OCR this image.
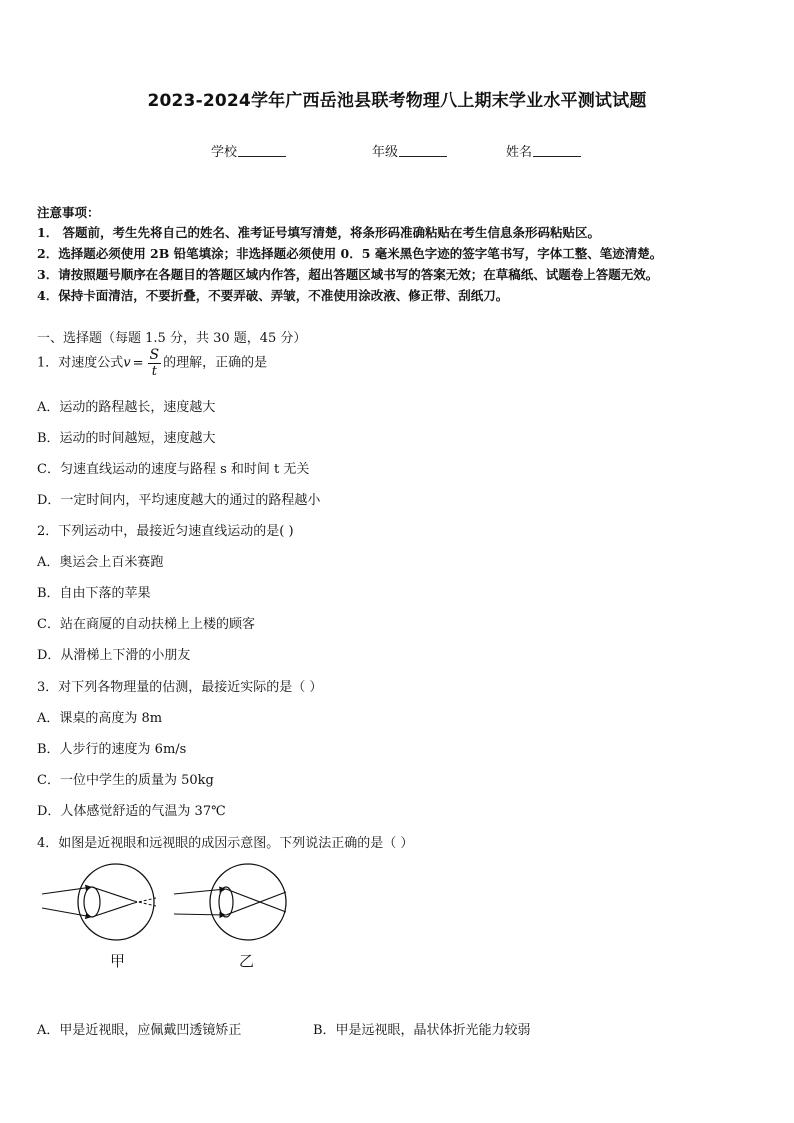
2023-2024学年广西岳池县联考物理八上期末学业水平测试试题
学校	年级	姓名
注意事项：
1． 答题前，考生先将自己的姓名、准考证号填写清楚，将条形码准确粘贴在考生信息条形码粘贴区。
2．选择题必须使用 2B 铅笔填涂；非选择题必须使用 0．5 毫米黑色字迹的签字笔书写，字体工整、笔迹清楚。
3．请按照题号顺序在各题目的答题区域内作答，超出答题区域书写的答案无效；在草稿纸、试题卷上答题无效。
4．保持卡面清洁，不要折叠，不要弄破、弄皱，不准使用涂改液、修正带、刮纸刀。
一、选择题（每题 1.5 分，共 30 题，45 分）
1．对速度公式$v = \frac{S}{t}$ 的理解，正确的是
A．运动的路程越长，速度越大
B．运动的时间越短，速度越大
C．匀速直线运动的速度与路程 s 和时间 t 无关
D．一定时间内，平均速度越大的通过的路程越小
2．下列运动中，最接近匀速直线运动的是( )
A．奥运会上百米赛跑
B．自由下落的苹果
C．站在商厦的自动扶梯上上楼的顾客
D．从滑梯上下滑的小朋友
3．对下列各物理量的估测，最接近实际的是（ ）
A．课桌的高度为 8m
B．人步行的速度为 6m/s
C．一位中学生的质量为 50kg
D．人体感觉舒适的气温为 37℃
4．如图是近视眼和远视眼的成因示意图。下列说法正确的是（ ）
甲	乙
A．甲是近视眼，应佩戴凹透镜矫正	B．甲是远视眼，晶状体折光能力较弱
